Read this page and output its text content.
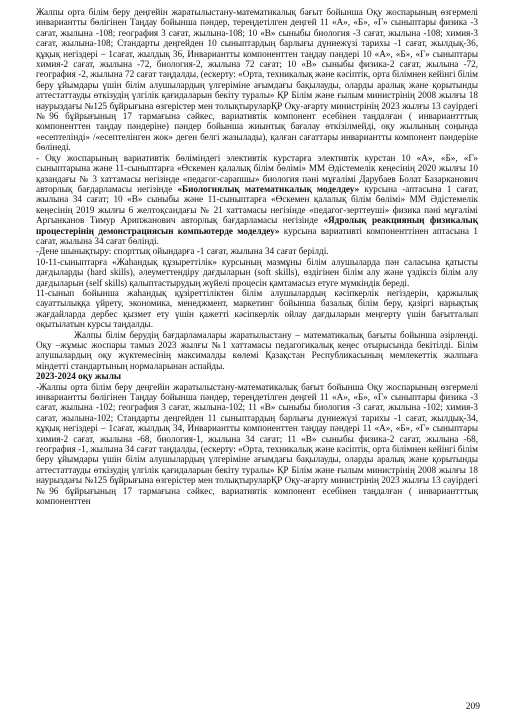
Жалпы орта білім беру деңгейін жаратылыстану-математикалық бағыт бойынша Оқу жоспарының өзгермелі инвариантты бөлігінен Таңдау бойынша пәндер, тереңдетілген деңгей 11 «А», «Б», «Г» сыныптары физика -3 сағат, жылына -108; география 3 сағат, жылына-108; 10 «В» сыныбы биология -3 сағат, жылына -108; химия-3 сағат, жылына-108; Стандарты деңгейден 10 сыныптардың барлығы дүниежүзі тарихы -1 сағат, жылдық-36, құқық негіздері – 1сағат, жылдық 36, Инвариантты компоненттен таңдау пәндері 10 «А», «Б», «Г» сыныптары химия-2 сағат, жылына -72, биология-2, жылына 72 сағат; 10 «В» сыныбы физика-2 сағат, жылына -72, география -2, жылына 72 сағат таңдалды, (ескерту: «Орта, техникалық және кәсіптік, орта білімнен кейінгі білім беру ұйымдары үшін білім алушылардың үлгеріміне ағымдағы бақылауды, оларды аралық және қорытынды аттестаттауды өткізудің үлгілік қағидаларын бекіту туралы» ҚР Білім және ғылым министрінің 2008 жылғы 18 наурыздағы №125 бұйрығына өзгерістер мен толықтыруларҚР Оқу-ағарту министрінің 2023 жылғы 13 сәуірдегі №96 бұйрығының 17 тармағына сәйкес, вариативтік компонент есебінен таңдалған ( инвариантттық компоненттен таңдау пәндеріне) пәндер бойынша жиынтық бағалау өткізілмейді, оқу жылының соңында «есептелінді» /«есептелінген жок» деген белгі жазылады), қалған сағаттары инвариантты компонент пәндеріне бөлінеді.

- Оқу жоспарының вариативтік бөліміндегі элективтік курстарға элективтік курстан 10 «А», «Б», «Г» сыныптарына және 11-сыныптарға «Өскемен қалалық білім бөлімі» ММ Әдістемелік кеңесінің 2020 жылғы 10 қазандағы № 3 хаттамасы негізінде «педагог-сарапшы» биология пәні мұғалімі Дарубаев Болат Базарканович авторлық бағдарламасы негізінде «Биологиялық математикалық моделдеу» курсына -аптасына 1 сағат, жылына 34 сағат; 10 «В» сыныбы және 11-сыныптарға «Өскемен қалалық білім бөлімі» ММ Әдістемелік кеңесінің 2019 жылғы 6 желтоқсандағы № 21 хаттамасы негізінде «педагог-зерттеуші» физика пәні мұғалімі Аргынканов Тимур Арипжанович авторлық бағдарламасы негізінде «Ядролық реакцияның физикалық процестерінің демонстрациясын компьютерде моделдеу» курсына вариативті компоненттінен аптасына 1 сағат, жылына 34 сағат бөлінді.

-Дене шынықтыру: спорттық ойындарға -1 сағат, жылына 34 сағат берілді.

10-11-сыныптарға «Жаһандық құзыреттілік» курсының мазмұны білім алушыларда пән саласына қатысты дағдыларды (hard skills), әлеуметтендіру дағдыларын (soft skills), өздігінен білім алу және үздіксіз білім алу дағдыларын (self skills) қалыптастырудың жүйелі процесін қамтамасыз етуге мүмкіндік береді.

11-сынып бойынша жаһандық құзіреттіліктен білім алушылардың кәсіпкерлік негіздерін, қаржылық сауаттылыққа үйрету, экономика, менеджмент, маркетинг бойынша базалық білім беру, қазіргі нарықтық жағдайларда дербес қызмет ету үшін қажетті кәсіпкерлік ойлау дағдыларын меңгерту үшін бағытталып оқытылатын курсы таңдалды.

Жалпы білім берудің бағдарламалары жаратылыстану – математикалық бағыты бойынша әзірленді. Оқу –жұмыс жоспары тамыз 2023 жылғы №1 хаттамасы педагогикалық кеңес отырысында бекітілді. Білім алушылардың оқу жүктемесінің максималды көлемі Қазақстан Республикасының мемлекеттік жалпыға міндетті стандартының нормаларынан аспайды.

2023-2024 оқу жылы

-Жалпы орта білім беру деңгейін жаратылыстану-математикалық бағыт бойынша Оқу жоспарының өзгермелі инвариантты бөлігінен Таңдау бойынша пәндер, тереңдетілген деңгей 11 «А», «Б», «Г» сыныптары физика -3 сағат, жылына -102; география 3 сағат, жылына-102; 11 «В» сыныбы биология -3 сағат, жылына -102; химия-3 сағат, жылына-102; Стандарты деңгейден 11 сыныптардың барлығы дүниежүзі тарихы -1 сағат, жылдық-34, құқық негіздері – 1сағат, жылдық 34, Инвариантты компоненттен таңдау пәндері 11 «А», «Б», «Г» сыныптары химия-2 сағат, жылына -68, биология-1, жылына 34 сағат; 11 «В» сыныбы физика-2 сағат, жылына -68, география -1, жылына 34 сағат таңдалды, (ескерту: «Орта, техникалық және кәсіптік, орта білімнен кейінгі білім беру ұйымдары үшін білім алушылардың үлгеріміне ағымдағы бақылауды, оларды аралық және қорытынды аттестаттауды өткізудің үлгілік қағидаларын бекіту туралы» ҚР Білім және ғылым министрінің 2008 жылғы 18 наурыздағы №125 бұйрығына өзгерістер мен толықтыруларҚР Оқу-ағарту министрінің 2023 жылғы 13 сәуірдегі №96 бұйрығының 17 тармағына сәйкес, вариативтік компонент есебінен таңдалған ( инвариантттық компоненттен

209
